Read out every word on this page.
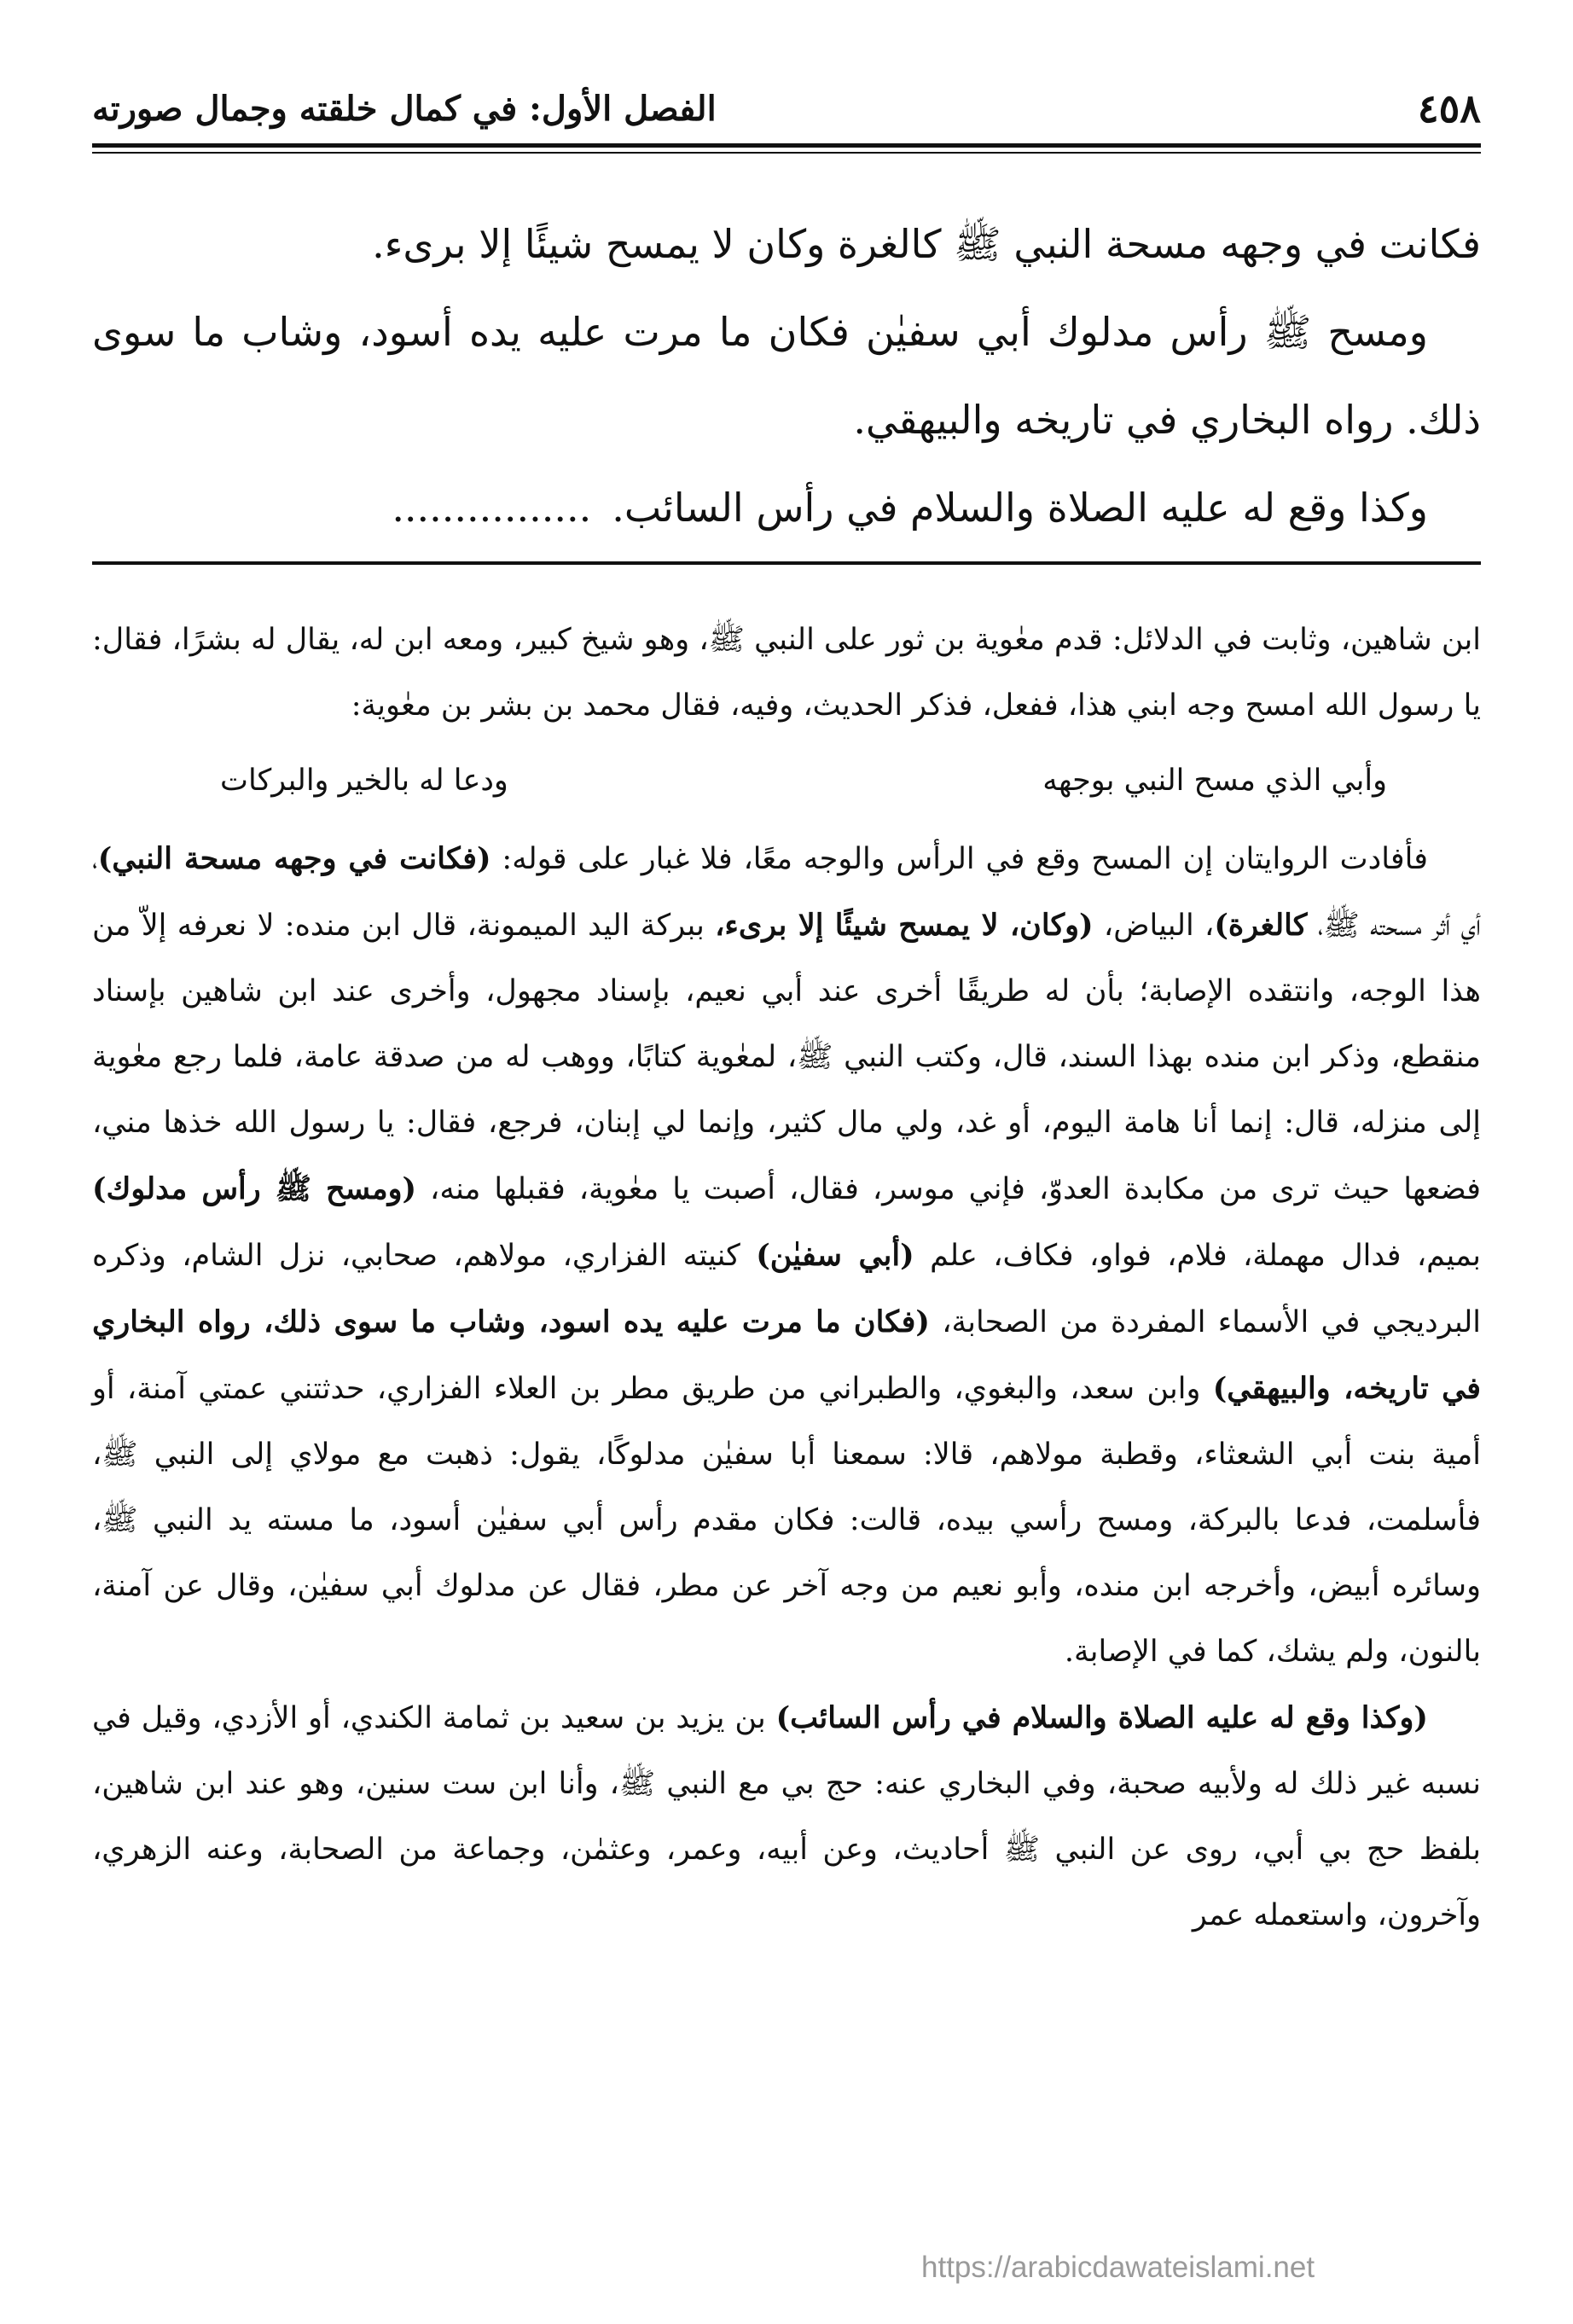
٤٥٨
الفصل الأول: في كمال خلقته وجمال صورته

فكانت في وجهه مسحة النبي ﷺ كالغرة وكان لا يمسح شيئًا إلا برىء.

ومسح ﷺ رأس مدلوك أبي سفيٰن فكان ما مرت عليه يده أسود، وشاب ما سوى ذلك. رواه البخاري في تاريخه والبيهقي.

وكذا وقع له عليه الصلاة والسلام في رأس السائب.................

ابن شاهين، وثابت في الدلائل: قدم معٰوية بن ثور على النبي ﷺ، وهو شيخ كبير، ومعه ابن له، يقال له بشرًا، فقال: يا رسول الله امسح وجه ابني هذا، ففعل، فذكر الحديث، وفيه، فقال محمد بن بشر بن معٰوية:

وأبي الذي مسح النبي بوجهه
ودعا له بالخير والبركات

فأفادت الروايتان إن المسح وقع في الرأس والوجه معًا، فلا غبار على قوله: (فكانت في وجهه مسحة النبي)، أي أثر مسحته ﷺ، كالغرة)، البياض، (وكان، لا يمسح شيئًا إلا برىء، ببركة اليد الميمونة، قال ابن منده: لا نعرفه إلاّ من هذا الوجه، وانتقده الإصابة؛ بأن له طريقًا أخرى عند أبي نعيم، بإسناد مجهول، وأخرى عند ابن شاهين بإسناد منقطع، وذكر ابن منده بهذا السند، قال، وكتب النبي ﷺ، لمعٰوية كتابًا، ووهب له من صدقة عامة، فلما رجع معٰوية إلى منزله، قال: إنما أنا هامة اليوم، أو غد، ولي مال كثير، وإنما لي إبنان، فرجع، فقال: يا رسول الله خذها مني، فضعها حيث ترى من مكابدة العدوّ، فإني موسر، فقال، أصبت يا معٰوية، فقبلها منه، (ومسح ﷺ رأس مدلوك) بميم، فدال مهملة، فلام، فواو، فكاف، علم (أبي سفيٰن) كنيته الفزاري، مولاهم، صحابي، نزل الشام، وذكره البرديجي في الأسماء المفردة من الصحابة، (فكان ما مرت عليه يده اسود، وشاب ما سوى ذلك، رواه البخاري في تاريخه، والبيهقي) وابن سعد، والبغوي، والطبراني من طريق مطر بن العلاء الفزاري، حدثتني عمتي آمنة، أو أمية بنت أبي الشعثاء، وقطبة مولاهم، قالا: سمعنا أبا سفيٰن مدلوكًا، يقول: ذهبت مع مولاي إلى النبي ﷺ، فأسلمت، فدعا بالبركة، ومسح رأسي بيده، قالت: فكان مقدم رأس أبي سفيٰن أسود، ما مسته يد النبي ﷺ، وسائره أبيض، وأخرجه ابن منده، وأبو نعيم من وجه آخر عن مطر، فقال عن مدلوك أبي سفيٰن، وقال عن آمنة، بالنون، ولم يشك، كما في الإصابة.

(وكذا وقع له عليه الصلاة والسلام في رأس السائب) بن يزيد بن سعيد بن ثمامة الكندي، أو الأزدي، وقيل في نسبه غير ذلك له ولأبيه صحبة، وفي البخاري عنه: حج بي مع النبي ﷺ، وأنا ابن ست سنين، وهو عند ابن شاهين، بلفظ حج بي أبي، روى عن النبي ﷺ أحاديث، وعن أبيه، وعمر، وعثمٰن، وجماعة من الصحابة، وعنه الزهري، وآخرون، واستعمله عمر

https://arabicdawateislami.net
